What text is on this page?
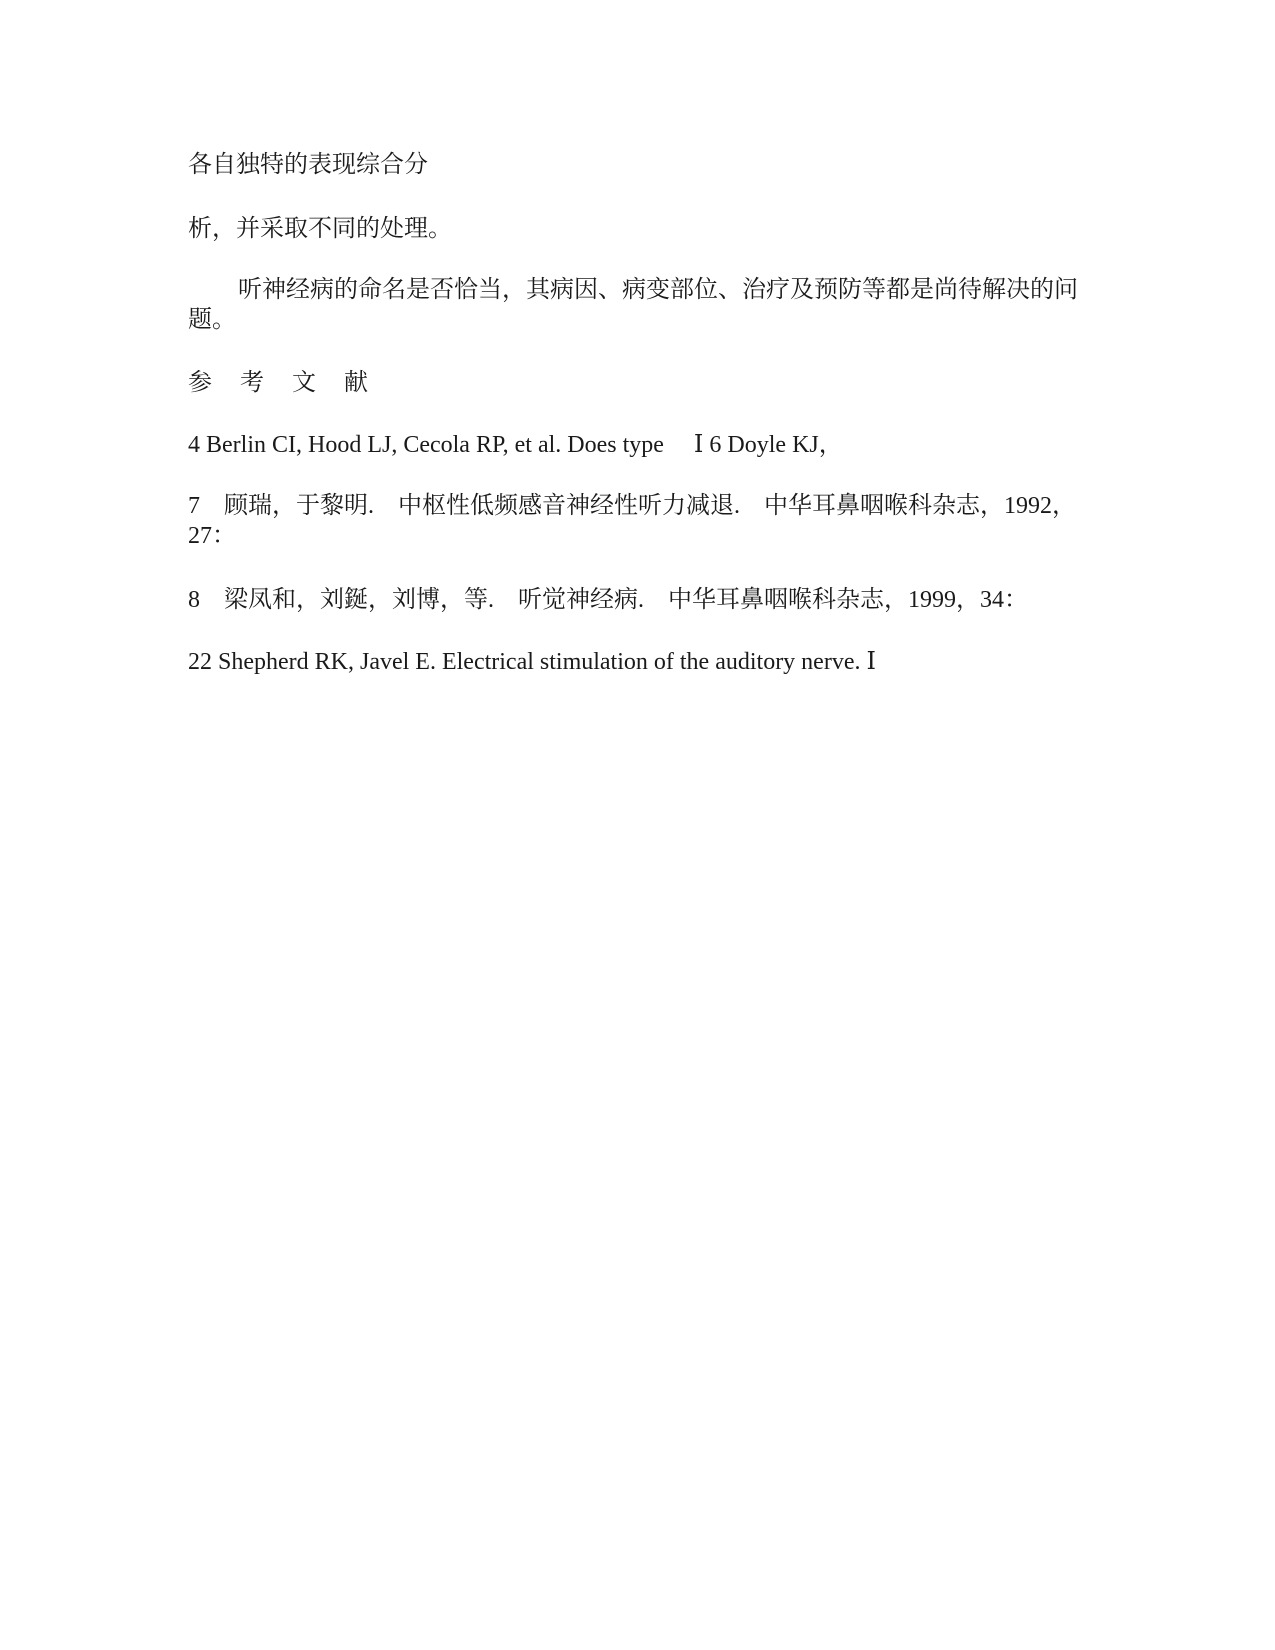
各自独特的表现综合分

析，并采取不同的处理。

听神经病的命名是否恰当，其病因、病变部位、治疗及预防等都是尚待解决的问题。

参　考　文　献

4 Berlin CI, Hood LJ, Cecola RP, et al. Does type　 Ⅰ 6 Doyle KJ，

7　顾瑞，于黎明.　中枢性低频感音神经性听力减退.　中华耳鼻咽喉科杂志，1992，27：

8　梁凤和，刘鋋，刘博，等.　听觉神经病.　中华耳鼻咽喉科杂志，1999，34：

22 Shepherd RK, Javel E. Electrical stimulation of the auditory nerve. Ⅰ
